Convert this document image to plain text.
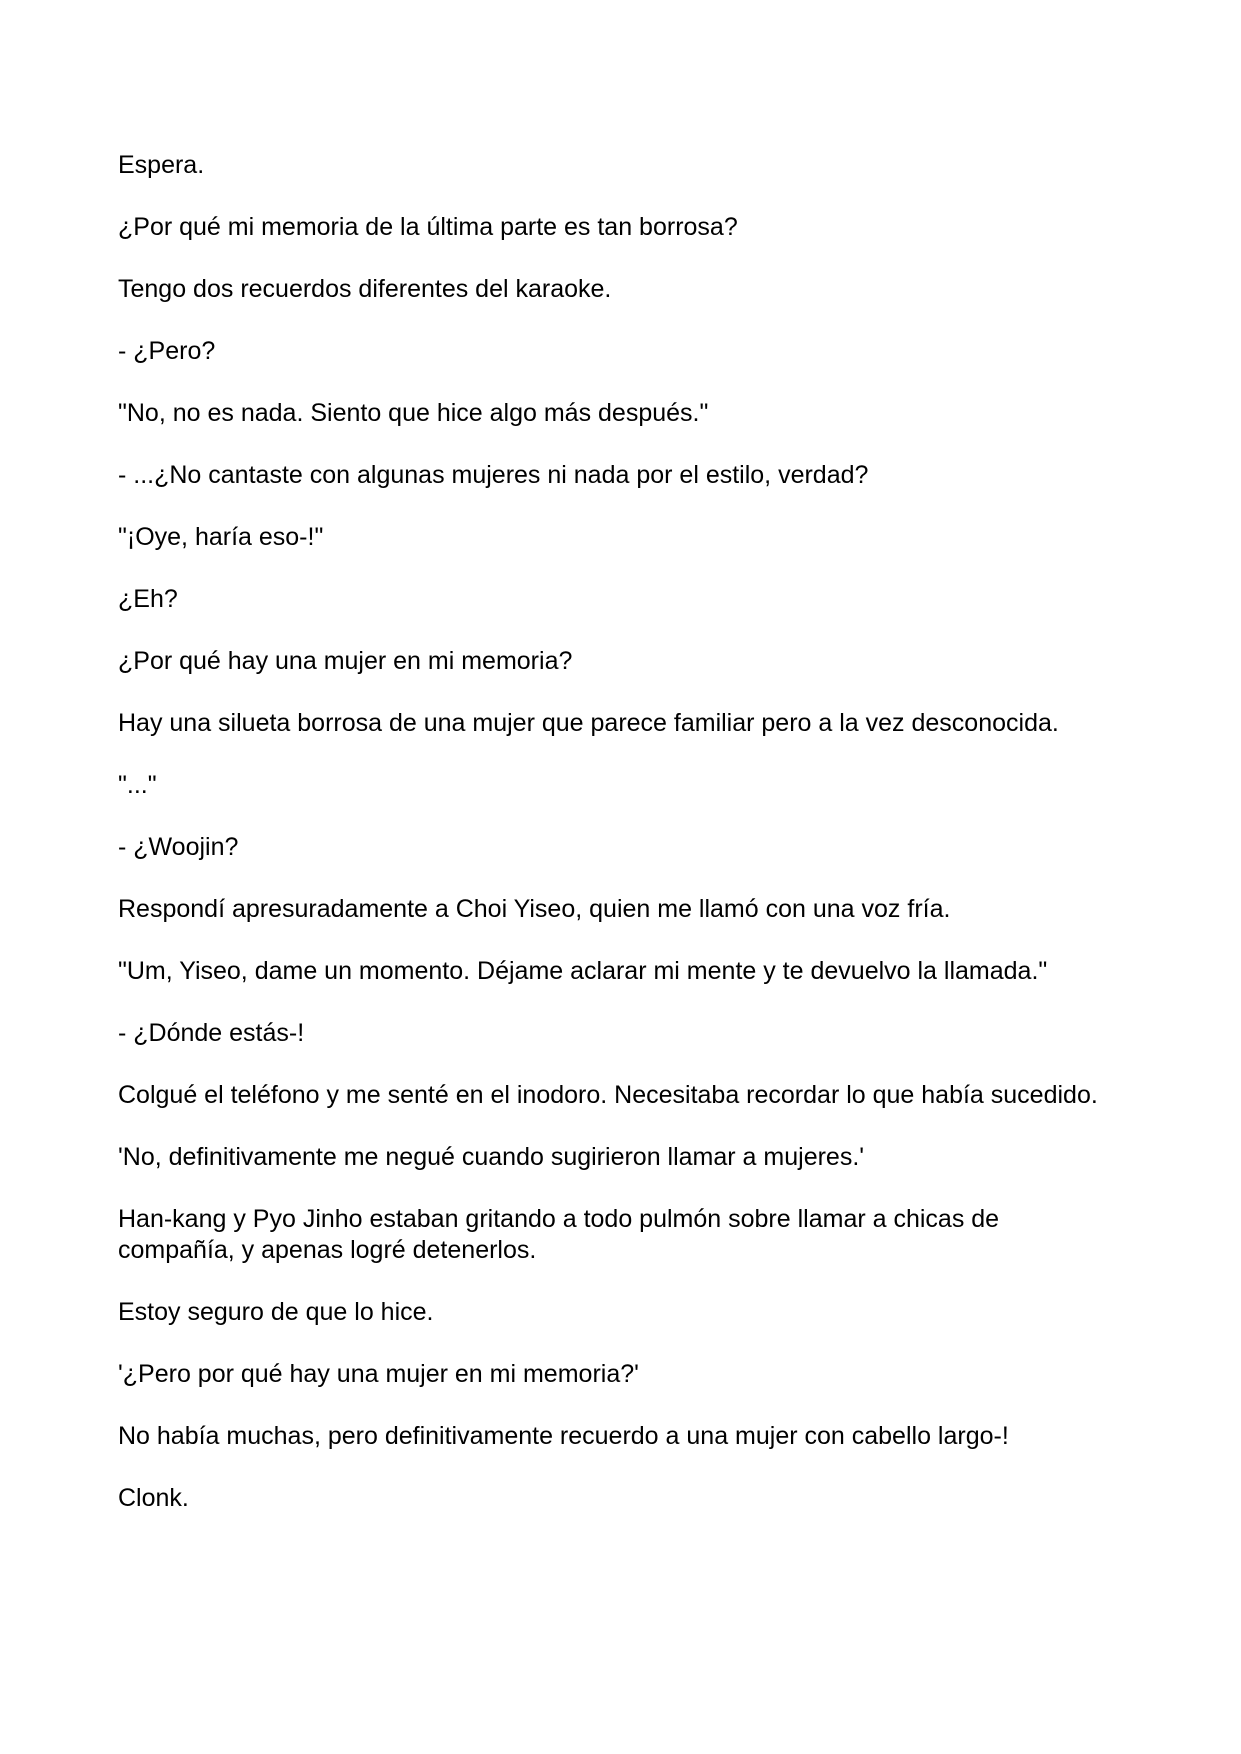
Espera.

¿Por qué mi memoria de la última parte es tan borrosa?

Tengo dos recuerdos diferentes del karaoke.

- ¿Pero?

"No, no es nada. Siento que hice algo más después."

- ...¿No cantaste con algunas mujeres ni nada por el estilo, verdad?

"¡Oye, haría eso-!"

¿Eh?

¿Por qué hay una mujer en mi memoria?

Hay una silueta borrosa de una mujer que parece familiar pero a la vez desconocida.

"..."

- ¿Woojin?

Respondí apresuradamente a Choi Yiseo, quien me llamó con una voz fría.

"Um, Yiseo, dame un momento. Déjame aclarar mi mente y te devuelvo la llamada."

- ¿Dónde estás-!

Colgué el teléfono y me senté en el inodoro. Necesitaba recordar lo que había sucedido.

'No, definitivamente me negué cuando sugirieron llamar a mujeres.'

Han-kang y Pyo Jinho estaban gritando a todo pulmón sobre llamar a chicas de compañía, y apenas logré detenerlos.

Estoy seguro de que lo hice.

'¿Pero por qué hay una mujer en mi memoria?'

No había muchas, pero definitivamente recuerdo a una mujer con cabello largo-!

Clonk.
